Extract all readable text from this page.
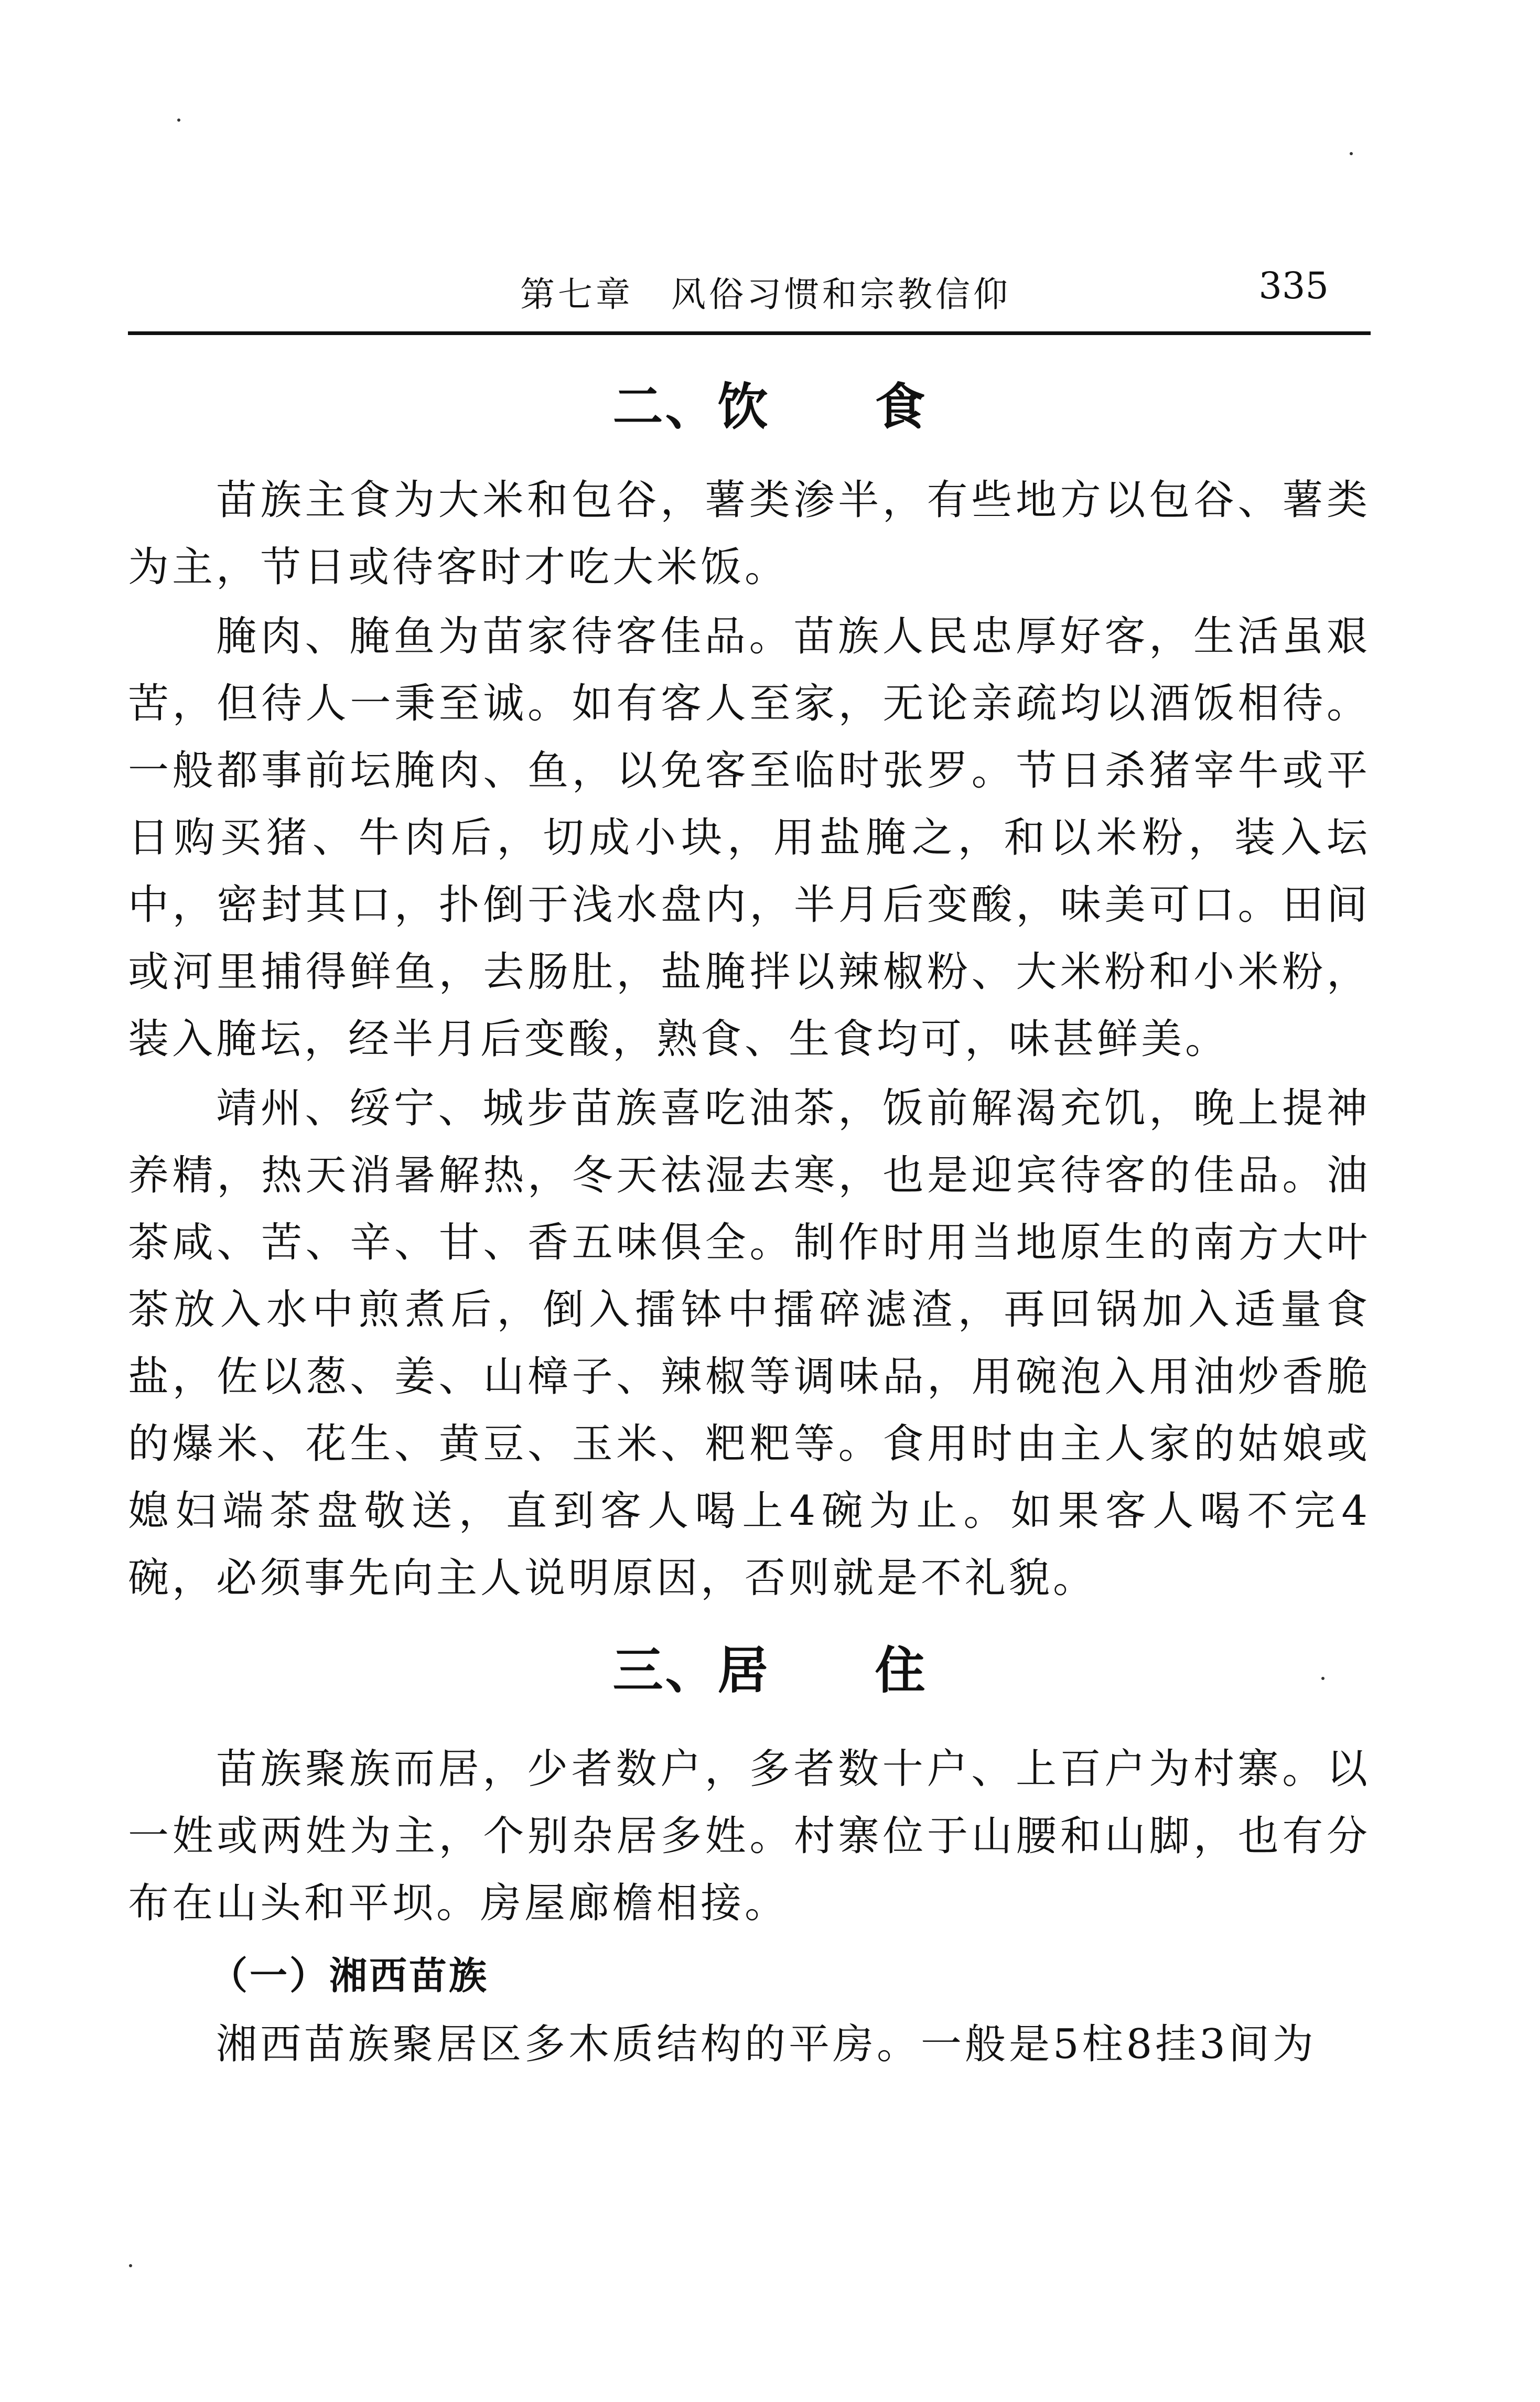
第七章　风俗习惯和宗教信仰	335
二、饮　　食

苗族主食为大米和包谷，薯类渗半，有些地方以包谷、薯类为主，节日或待客时才吃大米饭。

腌肉、腌鱼为苗家待客佳品。苗族人民忠厚好客，生活虽艰苦，但待人一秉至诚。如有客人至家，无论亲疏均以酒饭相待。一般都事前坛腌肉、鱼，以免客至临时张罗。节日杀猪宰牛或平日购买猪、牛肉后，切成小块，用盐腌之，和以米粉，装入坛中，密封其口，扑倒于浅水盘内，半月后变酸，味美可口。田间或河里捕得鲜鱼，去肠肚，盐腌拌以辣椒粉、大米粉和小米粉，装入腌坛，经半月后变酸，熟食、生食均可，味甚鲜美。

靖州、绥宁、城步苗族喜吃油茶，饭前解渴充饥，晚上提神养精，热天消暑解热，冬天祛湿去寒，也是迎宾待客的佳品。油茶咸、苦、辛、甘、香五味俱全。制作时用当地原生的南方大叶茶放入水中煎煮后，倒入擂钵中擂碎滤渣，再回锅加入适量食盐，佐以葱、姜、山樟子、辣椒等调味品，用碗泡入用油炒香脆的爆米、花生、黄豆、玉米、粑粑等。食用时由主人家的姑娘或媳妇端茶盘敬送，直到客人喝上4碗为止。如果客人喝不完4碗，必须事先向主人说明原因，否则就是不礼貌。

三、居　　住

苗族聚族而居，少者数户，多者数十户、上百户为村寨。以一姓或两姓为主，个别杂居多姓。村寨位于山腰和山脚，也有分布在山头和平坝。房屋廊檐相接。

（一）湘西苗族

湘西苗族聚居区多木质结构的平房。一般是5柱8挂3间为
